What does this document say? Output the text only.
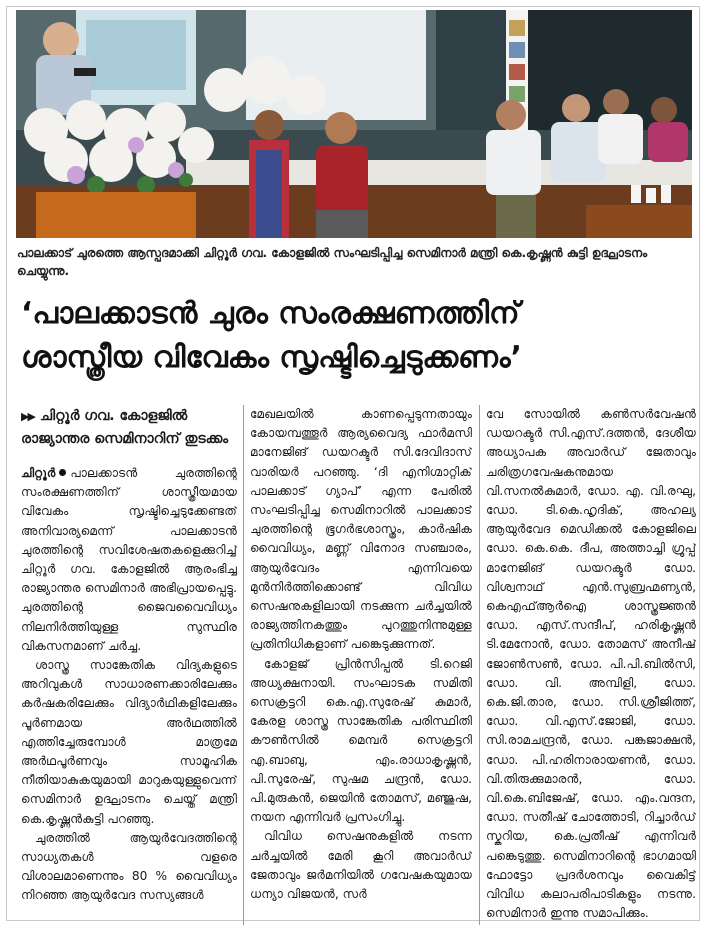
പാലക്കാട് ചുരത്തെ ആസ്പദമാക്കി ചിറ്റൂർ ഗവ. കോളജിൽ സംഘടിപ്പിച്ച സെമിനാർ മന്ത്രി കെ.കൃഷ്ണൻ കുട്ടി ഉദ്ഘാടനം ചെയ്യുന്നു.

‘പാലക്കാടൻ ചുരം സംരക്ഷണത്തിന്
ശാസ്ത്രീയ വിവേകം സൃഷ്ടിച്ചെടുക്കണം’
▶▶ ചിറ്റൂർ ഗവ. കോളജിൽ രാജ്യാന്തര സെമിനാറിന് തുടക്കം

ചിറ്റൂർ പാലക്കാടൻ ചുരത്തിന്റെ സംരക്ഷണത്തിന് ശാസ്ത്രീയമായ വിവേകം സൃഷ്ടിച്ചെടുക്കേണ്ടത് അനിവാര്യമെന്ന് പാലക്കാടൻ ചുരത്തിന്റെ സവിശേഷതകളെക്കുറിച്ച് ചിറ്റൂർ ഗവ. കോളജിൽ ആരംഭിച്ച രാജ്യാന്തര സെമിനാർ അഭിപ്രായപ്പെട്ടു. ചുരത്തിന്റെ ജൈവവൈവിധ്യം നിലനിർത്തിയുള്ള സുസ്ഥിര വികസനമാണ് ചർച്ച.

ശാസ്ത്ര സാങ്കേതിക വിദ്യകളുടെ അറിവുകൾ സാധാരണക്കാരിലേക്കും കർഷകരിലേക്കും വിദ്യാർഥികളിലേക്കും പൂർണമായ അർഥത്തിൽ എത്തിച്ചേരുമ്പോൾ മാത്രമേ അർഥപൂർണവും സാമൂഹിക നീതിയാകുകയുമായി മാറുകയുള്ളുവെന്ന് സെമിനാർ ഉദ്ഘാടനം ചെയ്ത് മന്ത്രി കെ.കൃഷ്ണൻകുട്ടി പറഞ്ഞു.

ചുരത്തിൽ ആയുർവേദത്തിന്റെ സാധ്യതകൾ വളരെ വിശാലമാണെന്നും 80 % വൈവിധ്യം നിറഞ്ഞ ആയുർവേദ സസ്യങ്ങൾ

മേഖലയിൽ കാണപ്പെടുന്നതായും കോയമ്പത്തൂർ ആര്യവൈദ്യ ഫാർമസി മാനേജിങ് ഡയറക്ടർ സി.ദേവിദാസ് വാരിയർ പറഞ്ഞു. ‘ദി എനിഗ്മാറ്റിക് പാലക്കാട് ഗ്യാപ്’ എന്ന പേരിൽ സംഘടിപ്പിച്ച സെമിനാറിൽ പാലക്കാട് ചുരത്തിന്റെ ഭൂഗർഭശാസ്ത്രം, കാർഷിക വൈവിധ്യം, മണ്ണ് വിനോദ സഞ്ചാരം, ആയുർവേദം എന്നിവയെ മുൻനിർത്തിക്കൊണ്ട് വിവിധ സെഷനുകളിലായി നടക്കുന്ന ചർച്ചയിൽ രാജ്യത്തിനകത്തും പുറത്തുനിന്നുമുള്ള പ്രതിനിധികളാണ് പങ്കെടുക്കുന്നത്.

കോളജ് പ്രിൻസിപ്പൽ ടി.റെജി അധ്യക്ഷനായി. സംഘാടക സമിതി സെക്രട്ടറി കെ.എ.സുരേഷ് കുമാർ, കേരള ശാസ്ത്ര സാങ്കേതിക പരിസ്ഥിതി കൗൺസിൽ മെമ്പർ സെക്രട്ടറി എ.ബാബു, എം.രാധാകൃഷ്ണൻ, പി.സുരേഷ്, സുഷമ ചന്ദ്രൻ, ഡോ. പി.മുരുകൻ, ജെയിൻ തോമസ്, മഞ്ജുഷ, നയന എന്നിവർ പ്രസംഗിച്ചു.

വിവിധ സെഷനുകളിൽ നടന്ന ചർച്ചയിൽ മേരി കൂറി അവാർഡ് ജേതാവും ജർമനിയിൽ ഗവേഷകയുമായ ധന്യാ വിജയൻ, സർ

വേ സോയിൽ കൺസർവേഷൻ ഡയറക്ടർ സി.എസ്.ദത്തൻ, ദേശീയ അധ്യാപക അവാർഡ് ജേതാവും ചരിത്രഗവേഷകനുമായ വി.സനൽകുമാർ, ഡോ. എ. വി.രഘു, ഡോ. ടി.കെ.ഹൃദിക്, അഹല്യ ആയുർവേദ മെഡിക്കൽ കോളജിലെ ഡോ. കെ.കെ. ദീപ, അത്താച്ചി ഗ്രൂപ്പ് മാനേജിങ് ഡയറക്ടർ ഡോ. വിശ്വനാഥ് എൻ.സുബ്രഹ്മണ്യൻ, കെഎഫ്ആർഐ ശാസ്ത്രജ്ഞൻ ഡോ. എസ്.സന്ദീപ്, ഹരികൃഷ്ണൻ ടി.മേനോൻ, ഡോ. തോമസ് അനീഷ് ജോൺസൺ, ഡോ. പി.പി.ബിൽസി, ഡോ. വി. അമ്പിളി, ഡോ. കെ.ജി.താര, ഡോ. സി.ശ്രീജിത്ത്, ഡോ. വി.എസ്.ജോജി, ഡോ. സി.രാമചന്ദ്രൻ, ഡോ. പങ്കജാക്ഷൻ, ഡോ. പി.ഹരിനാരായണൻ, ഡോ. വി.തിരുക്കുമാരൻ, ഡോ. വി.കെ.ബിജേഷ്, ഡോ. എം.വന്ദന, ഡോ. സതീഷ് ചോത്തോടി, റിച്ചാർഡ് സ്കറിയ, കെ.പ്രതീഷ് എന്നിവർ പങ്കെടുത്തു. സെമിനാറിന്റെ ഭാഗമായി ഫോട്ടോ പ്രദർശനവും വൈകിട്ട് വിവിധ കലാപരിപാടികളും നടന്നു. സെമിനാർ ഇന്നു സമാപിക്കും.
